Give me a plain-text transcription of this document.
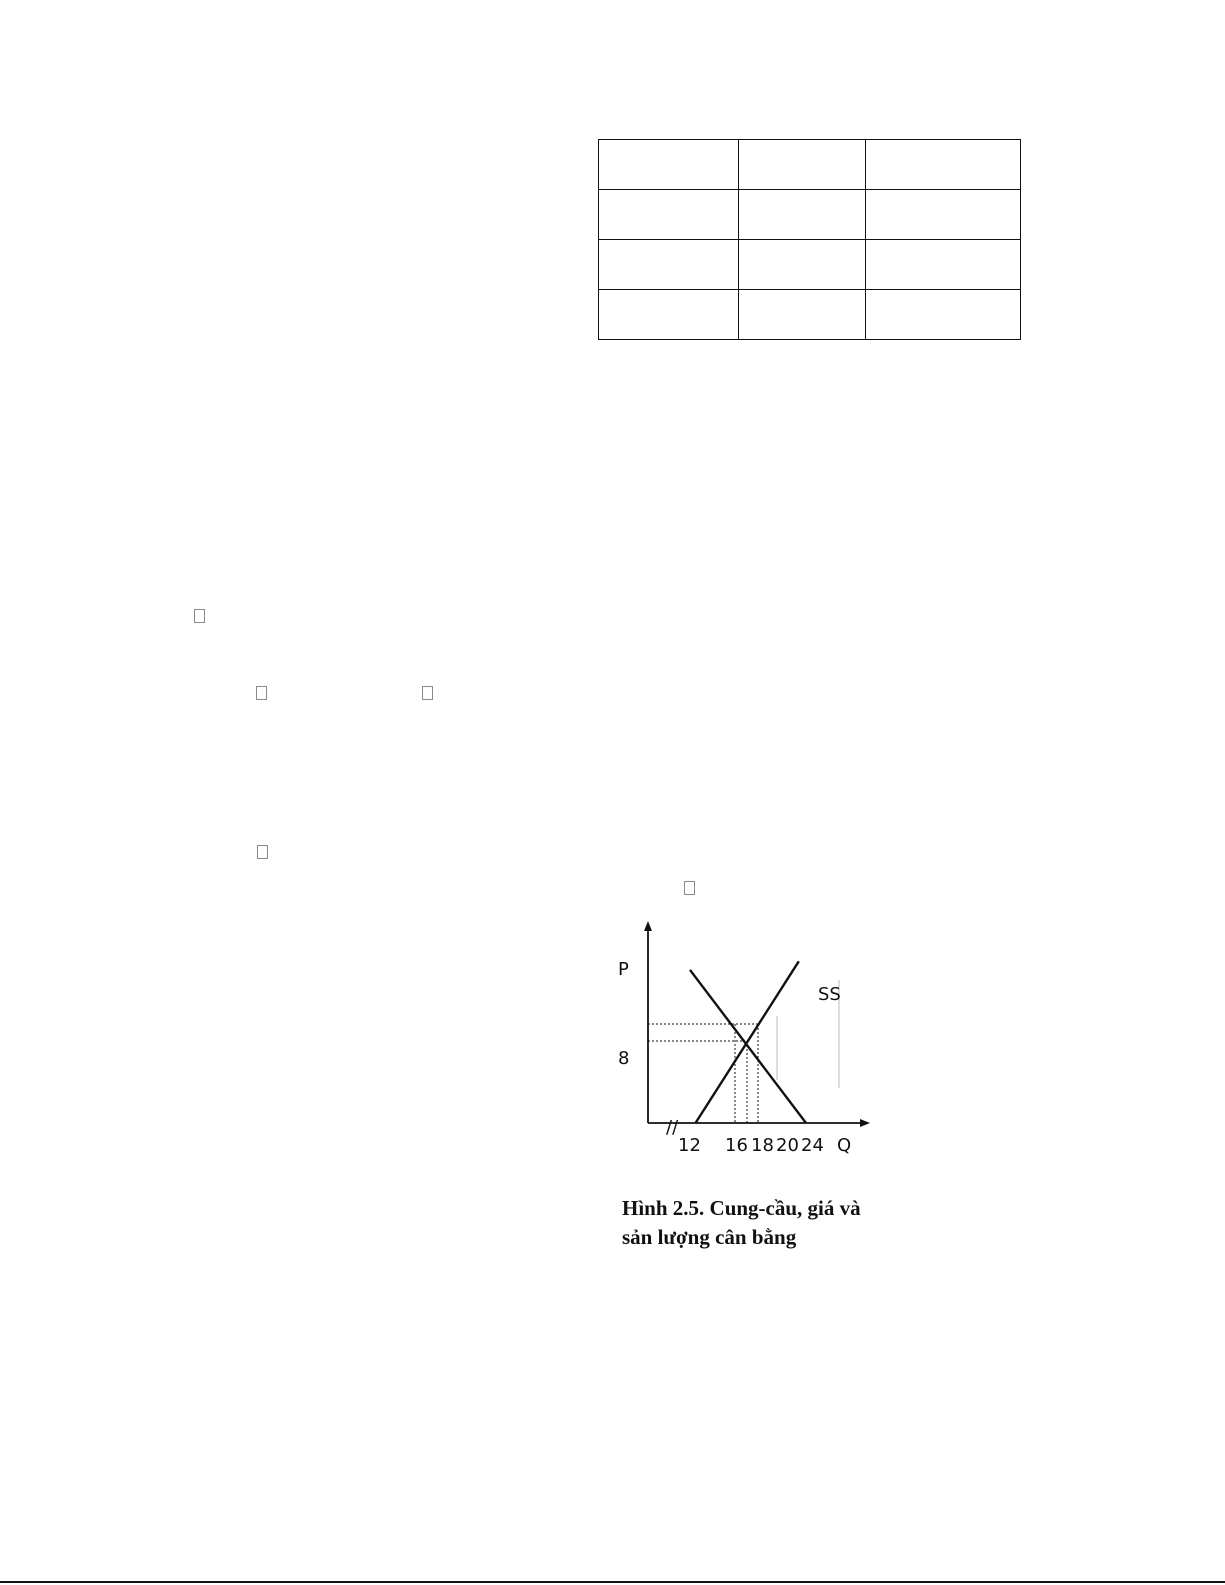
//
P
SS
8
12 16 18 20 24 Q

Hình 2.5. Cung-cầu, giá và
sản lượng cân bằng
